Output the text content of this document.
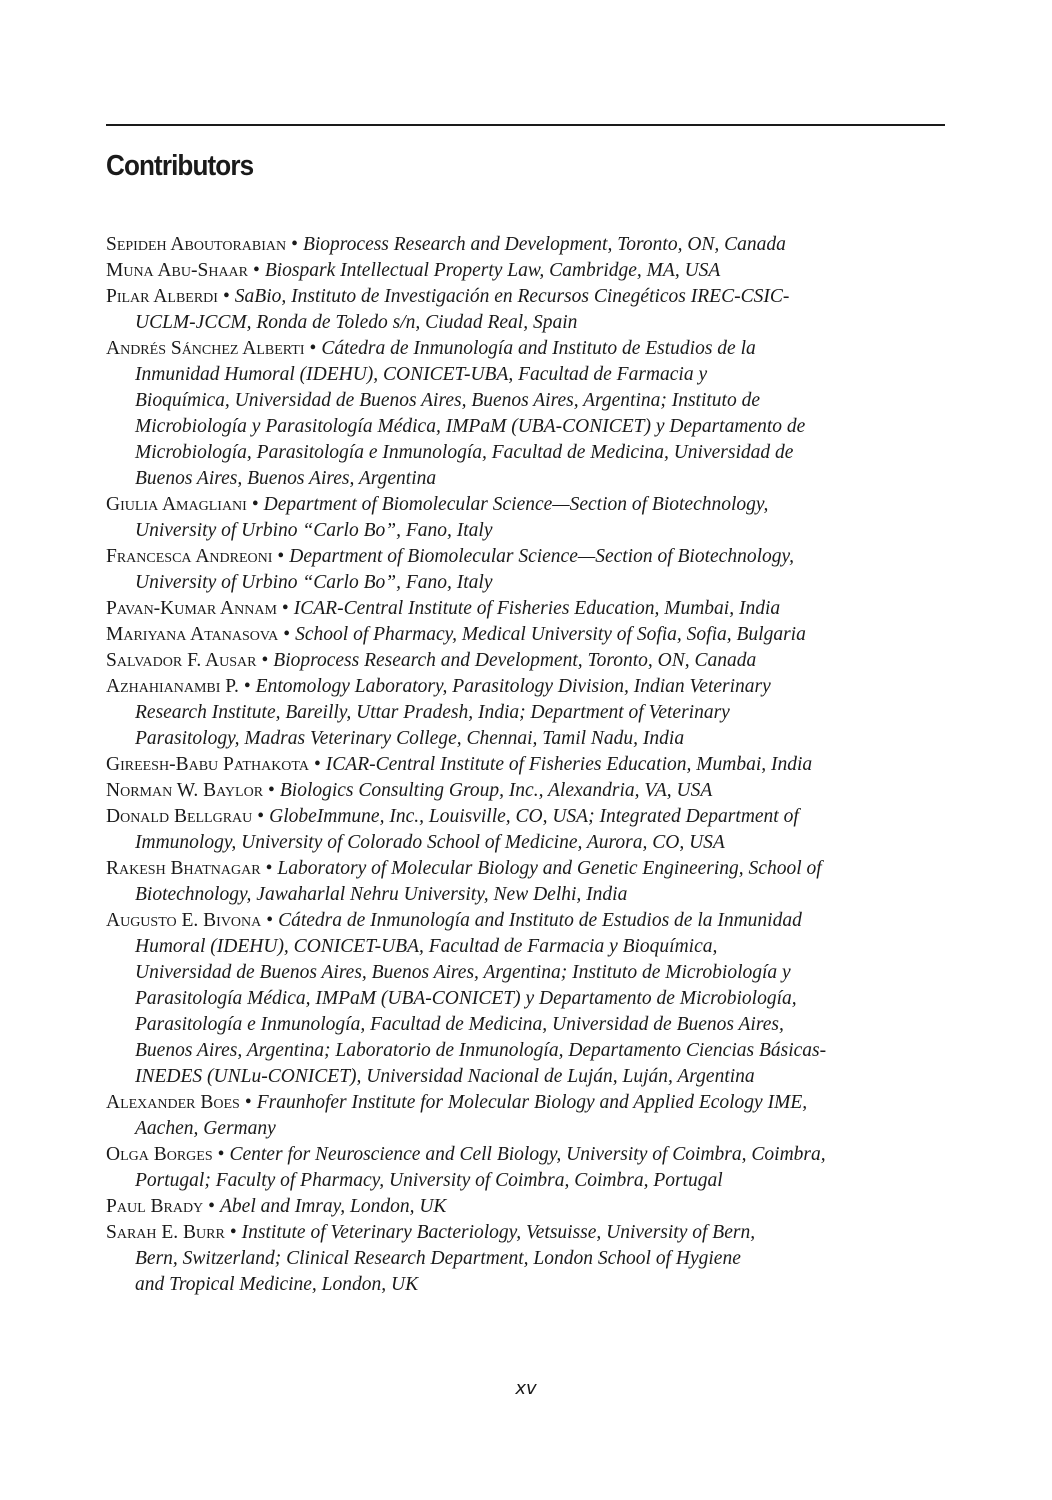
Contributors
Sepideh Aboutorabian • Bioprocess Research and Development, Toronto, ON, Canada
Muna Abu-Shaar • Biospark Intellectual Property Law, Cambridge, MA, USA
Pilar Alberdi • SaBio, Instituto de Investigación en Recursos Cinegéticos IREC-CSIC-
UCLM-JCCM, Ronda de Toledo s/n, Ciudad Real, Spain
Andrés Sánchez Alberti • Cátedra de Inmunología and Instituto de Estudios de la
Inmunidad Humoral (IDEHU), CONICET-UBA, Facultad de Farmacia y
Bioquímica, Universidad de Buenos Aires, Buenos Aires, Argentina; Instituto de
Microbiología y Parasitología Médica, IMPaM (UBA-CONICET) y Departamento de
Microbiología, Parasitología e Inmunología, Facultad de Medicina, Universidad de
Buenos Aires, Buenos Aires, Argentina
Giulia Amagliani • Department of Biomolecular Science—Section of Biotechnology,
University of Urbino “Carlo Bo”, Fano, Italy
Francesca Andreoni • Department of Biomolecular Science—Section of Biotechnology,
University of Urbino “Carlo Bo”, Fano, Italy
Pavan-Kumar Annam • ICAR-Central Institute of Fisheries Education, Mumbai, India
Mariyana Atanasova • School of Pharmacy, Medical University of Sofia, Sofia, Bulgaria
Salvador F. Ausar • Bioprocess Research and Development, Toronto, ON, Canada
Azhahianambi P. • Entomology Laboratory, Parasitology Division, Indian Veterinary
Research Institute, Bareilly, Uttar Pradesh, India; Department of Veterinary
Parasitology, Madras Veterinary College, Chennai, Tamil Nadu, India
Gireesh-Babu Pathakota • ICAR-Central Institute of Fisheries Education, Mumbai, India
Norman W. Baylor • Biologics Consulting Group, Inc., Alexandria, VA, USA
Donald Bellgrau • GlobeImmune, Inc., Louisville, CO, USA; Integrated Department of
Immunology, University of Colorado School of Medicine, Aurora, CO, USA
Rakesh Bhatnagar • Laboratory of Molecular Biology and Genetic Engineering, School of
Biotechnology, Jawaharlal Nehru University, New Delhi, India
Augusto E. Bivona • Cátedra de Inmunología and Instituto de Estudios de la Inmunidad
Humoral (IDEHU), CONICET-UBA, Facultad de Farmacia y Bioquímica,
Universidad de Buenos Aires, Buenos Aires, Argentina; Instituto de Microbiología y
Parasitología Médica, IMPaM (UBA-CONICET) y Departamento de Microbiología,
Parasitología e Inmunología, Facultad de Medicina, Universidad de Buenos Aires,
Buenos Aires, Argentina; Laboratorio de Inmunología, Departamento Ciencias Básicas-
INEDES (UNLu-CONICET), Universidad Nacional de Luján, Luján, Argentina
Alexander Boes • Fraunhofer Institute for Molecular Biology and Applied Ecology IME,
Aachen, Germany
Olga Borges • Center for Neuroscience and Cell Biology, University of Coimbra, Coimbra,
Portugal; Faculty of Pharmacy, University of Coimbra, Coimbra, Portugal
Paul Brady • Abel and Imray, London, UK
Sarah E. Burr • Institute of Veterinary Bacteriology, Vetsuisse, University of Bern,
Bern, Switzerland; Clinical Research Department, London School of Hygiene
and Tropical Medicine, London, UK
xv
